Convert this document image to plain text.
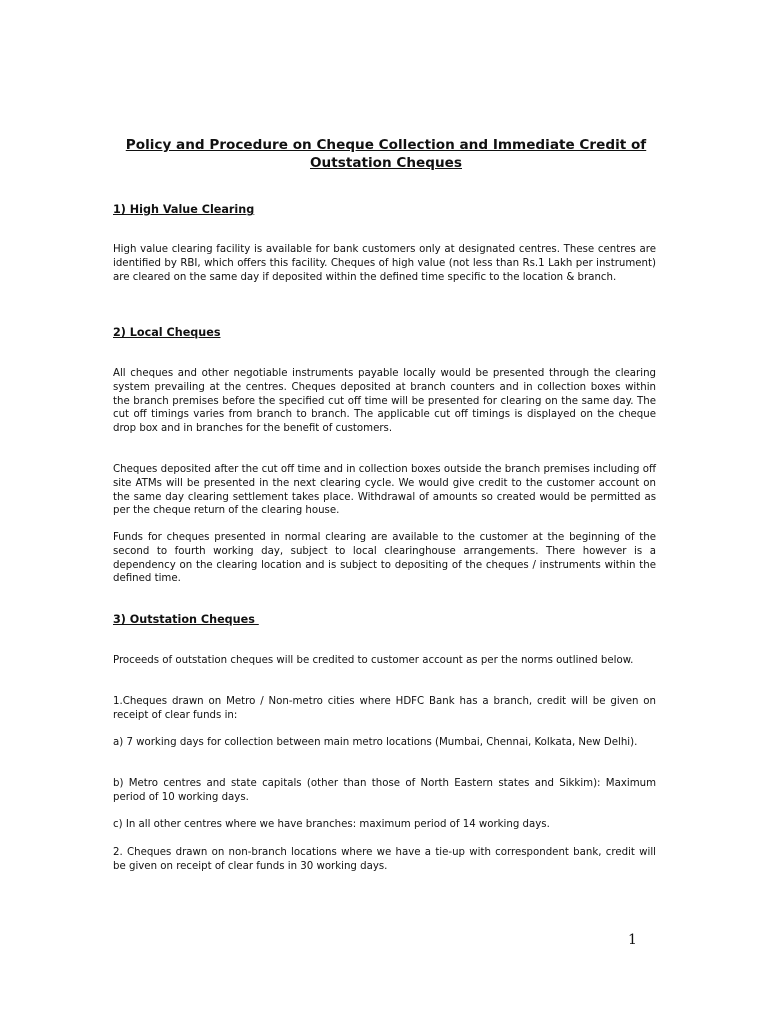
Policy and Procedure on Cheque Collection and Immediate Credit of Outstation Cheques
1) High Value Clearing

High value clearing facility is available for bank customers only at designated centres. These centres are identified by RBI, which offers this facility. Cheques of high value (not less than Rs.1 Lakh per instrument) are cleared on the same day if deposited within the defined time specific to the location & branch.

2) Local Cheques

All cheques and other negotiable instruments payable locally would be presented through the clearing system prevailing at the centres. Cheques deposited at branch counters and in collection boxes within the branch premises before the specified cut off time will be presented for clearing on the same day. The cut off timings varies from branch to branch. The applicable cut off timings is displayed on the cheque drop box and in branches for the benefit of customers.

Cheques deposited after the cut off time and in collection boxes outside the branch premises including off site ATMs will be presented in the next clearing cycle. We would give credit to the customer account on the same day clearing settlement takes place. Withdrawal of amounts so created would be permitted as per the cheque return of the clearing house.

Funds for cheques presented in normal clearing are available to the customer at the beginning of the second to fourth working day, subject to local clearinghouse arrangements. There however is a dependency on the clearing location and is subject to depositing of the cheques / instruments within the defined time.

3) Outstation Cheques

Proceeds of outstation cheques will be credited to customer account as per the norms outlined below.

1.Cheques drawn on Metro / Non-metro cities where HDFC Bank has a branch, credit will be given on receipt of clear funds in:

a) 7 working days for collection between main metro locations (Mumbai, Chennai, Kolkata, New Delhi).

b) Metro centres and state capitals (other than those of North Eastern states and Sikkim): Maximum period of 10 working days.

c) In all other centres where we have branches: maximum period of 14 working days.

2. Cheques drawn on non-branch locations where we have a tie-up with correspondent bank, credit will be given on receipt of clear funds in 30 working days.

1
